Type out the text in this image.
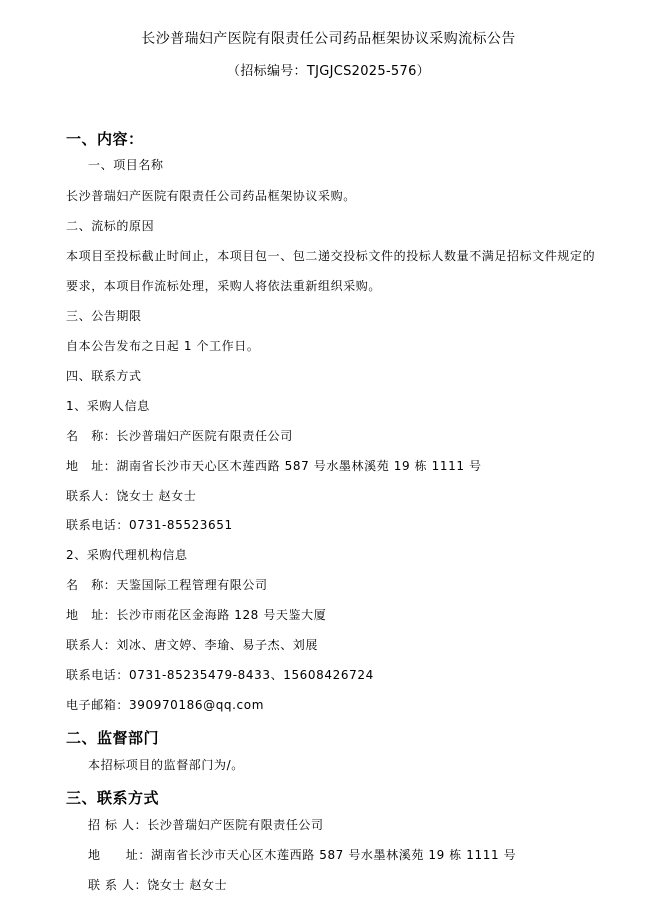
长沙普瑞妇产医院有限责任公司药品框架协议采购流标公告
（招标编号：TJGJCS2025-576）
一、内容：
一、项目名称
长沙普瑞妇产医院有限责任公司药品框架协议采购。
二、流标的原因
本项目至投标截止时间止，本项目包一、包二递交投标文件的投标人数量不满足招标文件规定的要求，本项目作流标处理，采购人将依法重新组织采购。
三、公告期限
自本公告发布之日起 1 个工作日。
四、联系方式
1、采购人信息
名　称：长沙普瑞妇产医院有限责任公司
地　址：湖南省长沙市天心区木莲西路 587 号水墨林溪苑 19 栋 1111 号
联系人：饶女士 赵女士
联系电话：0731-85523651
2、采购代理机构信息
名　称：天鉴国际工程管理有限公司
地　址：长沙市雨花区金海路 128 号天鉴大厦
联系人：刘冰、唐文婷、李瑜、易子杰、刘展
联系电话：0731-85235479-8433、15608426724
电子邮箱：390970186@qq.com
二、监督部门
本招标项目的监督部门为/。
三、联系方式
招 标 人：长沙普瑞妇产医院有限责任公司
地　　址：湖南省长沙市天心区木莲西路 587 号水墨林溪苑 19 栋 1111 号
联 系 人：饶女士 赵女士
